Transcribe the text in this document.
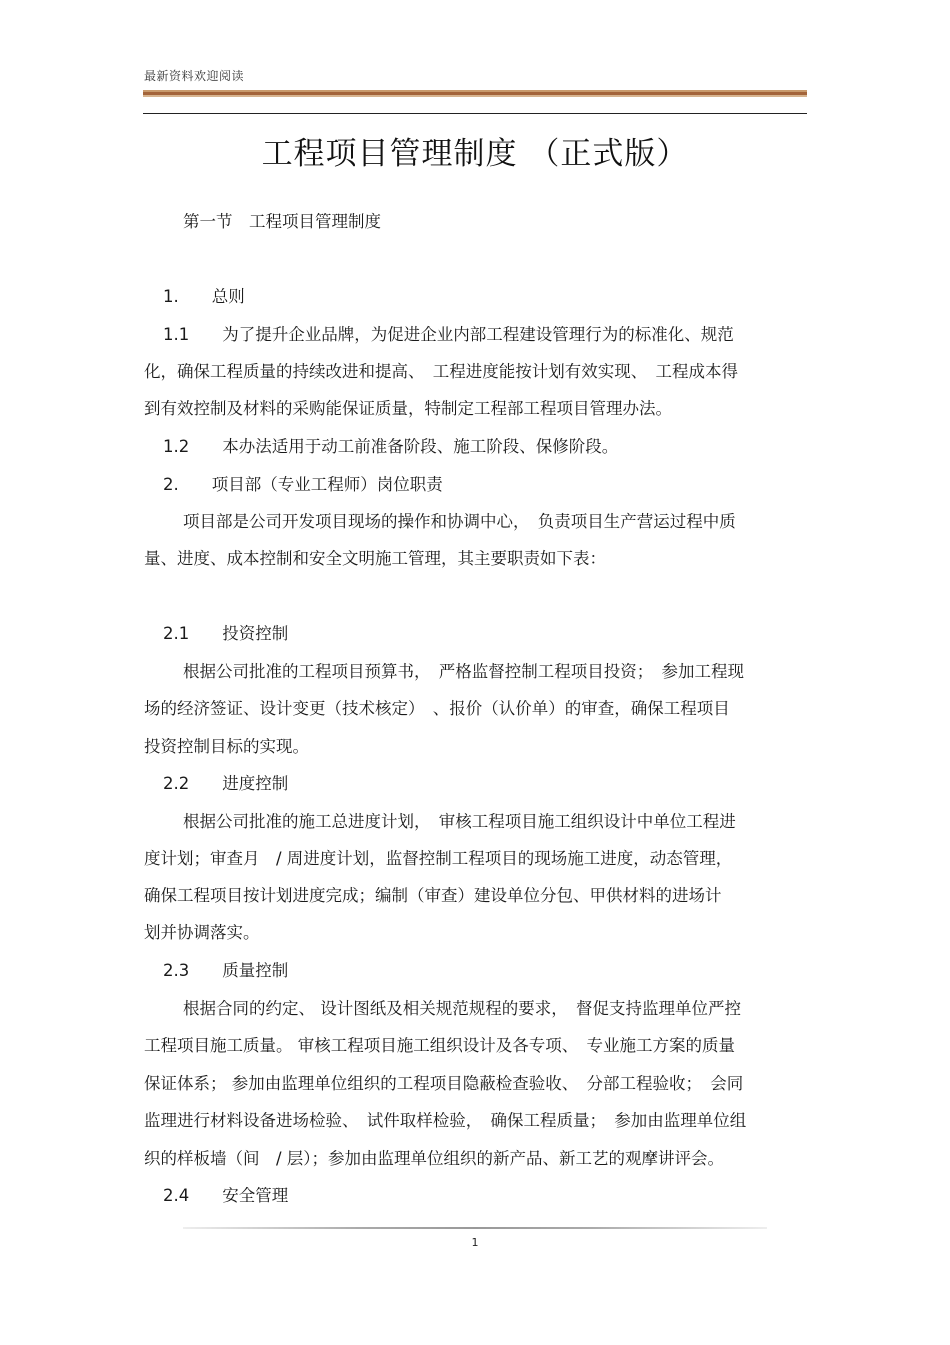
最新资料欢迎阅读
工程项目管理制度 （正式版）
第一节　工程项目管理制度
1.　　总则
1.1　　为了提升企业品牌，为促进企业内部工程建设管理行为的标准化、规范
化，确保工程质量的持续改进和提高、　工程进度能按计划有效实现、　工程成本得
到有效控制及材料的采购能保证质量，特制定工程部工程项目管理办法。
1.2　　本办法适用于动工前准备阶段、施工阶段、保修阶段。
2.　　项目部（专业工程师）岗位职责
项目部是公司开发项目现场的操作和协调中心，　负责项目生产营运过程中质
量、进度、成本控制和安全文明施工管理，其主要职责如下表：
2.1　　投资控制
根据公司批准的工程项目预算书，　严格监督控制工程项目投资；　参加工程现
场的经济签证、设计变更（技术核定）　、报价（认价单）的审查，确保工程项目
投资控制目标的实现。
2.2　　进度控制
根据公司批准的施工总进度计划，　审核工程项目施工组织设计中单位工程进
度计划；审查月　/ 周进度计划，监督控制工程项目的现场施工进度，动态管理，
确保工程项目按计划进度完成；编制（审查）建设单位分包、甲供材料的进场计
划并协调落实。
2.3　　质量控制
根据合同的约定、 设计图纸及相关规范规程的要求，　督促支持监理单位严控
工程项目施工质量。 审核工程项目施工组织设计及各专项、　专业施工方案的质量
保证体系； 参加由监理单位组织的工程项目隐蔽检查验收、　分部工程验收；　会同
监理进行材料设备进场检验、　试件取样检验，　确保工程质量；　参加由监理单位组
织的样板墙（间　/ 层）；参加由监理单位组织的新产品、新工艺的观摩讲评会。
2.4　　安全管理
1
